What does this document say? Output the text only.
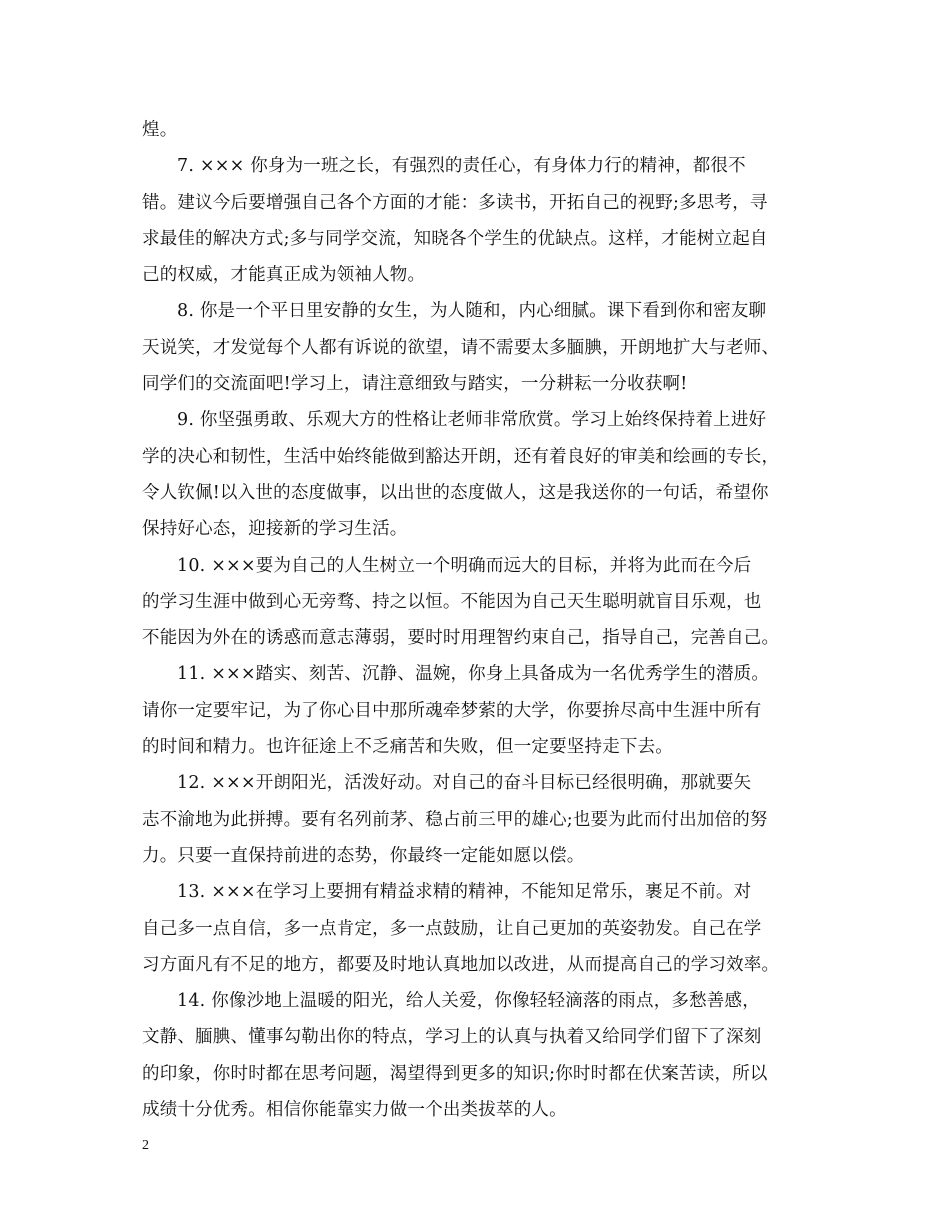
煌。
7. ××× 你身为一班之长，有强烈的责任心，有身体力行的精神，都很不
错。建议今后要增强自己各个方面的才能：多读书，开拓自己的视野;多思考，寻
求最佳的解决方式;多与同学交流，知晓各个学生的优缺点。这样，才能树立起自
己的权威，才能真正成为领袖人物。
8. 你是一个平日里安静的女生，为人随和，内心细腻。课下看到你和密友聊
天说笑，才发觉每个人都有诉说的欲望，请不需要太多腼腆，开朗地扩大与老师、
同学们的交流面吧!学习上，请注意细致与踏实，一分耕耘一分收获啊!
9. 你坚强勇敢、乐观大方的性格让老师非常欣赏。学习上始终保持着上进好
学的决心和韧性，生活中始终能做到豁达开朗，还有着良好的审美和绘画的专长，
令人钦佩!以入世的态度做事，以出世的态度做人，这是我送你的一句话，希望你
保持好心态，迎接新的学习生活。
10. ×××要为自己的人生树立一个明确而远大的目标，并将为此而在今后
的学习生涯中做到心无旁骛、持之以恒。不能因为自己天生聪明就盲目乐观，也
不能因为外在的诱惑而意志薄弱，要时时用理智约束自己，指导自己，完善自己。
11. ×××踏实、刻苦、沉静、温婉，你身上具备成为一名优秀学生的潜质。
请你一定要牢记，为了你心目中那所魂牵梦萦的大学，你要拚尽高中生涯中所有
的时间和精力。也许征途上不乏痛苦和失败，但一定要坚持走下去。
12. ×××开朗阳光，活泼好动。对自己的奋斗目标已经很明确，那就要矢
志不渝地为此拼搏。要有名列前茅、稳占前三甲的雄心;也要为此而付出加倍的努
力。只要一直保持前进的态势，你最终一定能如愿以偿。
13. ×××在学习上要拥有精益求精的精神，不能知足常乐，裹足不前。对
自己多一点自信，多一点肯定，多一点鼓励，让自己更加的英姿勃发。自己在学
习方面凡有不足的地方，都要及时地认真地加以改进，从而提高自己的学习效率。
14. 你像沙地上温暖的阳光，给人关爱，你像轻轻滴落的雨点，多愁善感，
文静、腼腆、懂事勾勒出你的特点，学习上的认真与执着又给同学们留下了深刻
的印象，你时时都在思考问题，渴望得到更多的知识;你时时都在伏案苦读，所以
成绩十分优秀。相信你能靠实力做一个出类拔萃的人。
2
